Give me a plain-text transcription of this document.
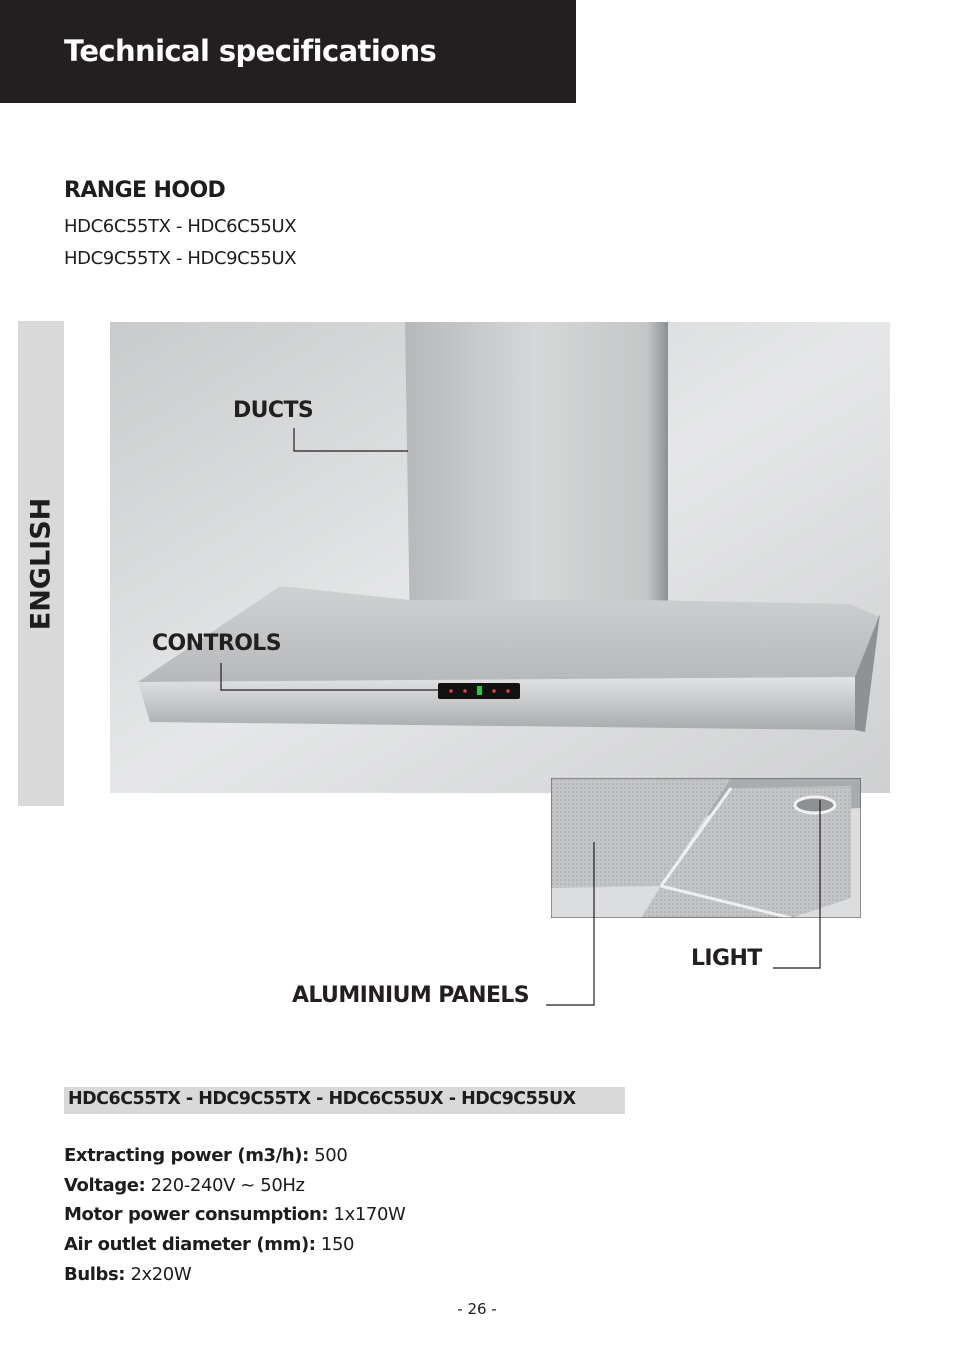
Technical specifications
RANGE HOOD
HDC6C55TX - HDC6C55UX
HDC9C55TX - HDC9C55UX
ENGLISH
DUCTS
CONTROLS
LIGHT
ALUMINIUM PANELS
HDC6C55TX - HDC9C55TX - HDC6C55UX - HDC9C55UX
Extracting power (m3/h): 500
Voltage: 220-240V ~ 50Hz
Motor power consumption: 1x170W
Air outlet diameter (mm): 150
Bulbs: 2x20W
- 26 -
